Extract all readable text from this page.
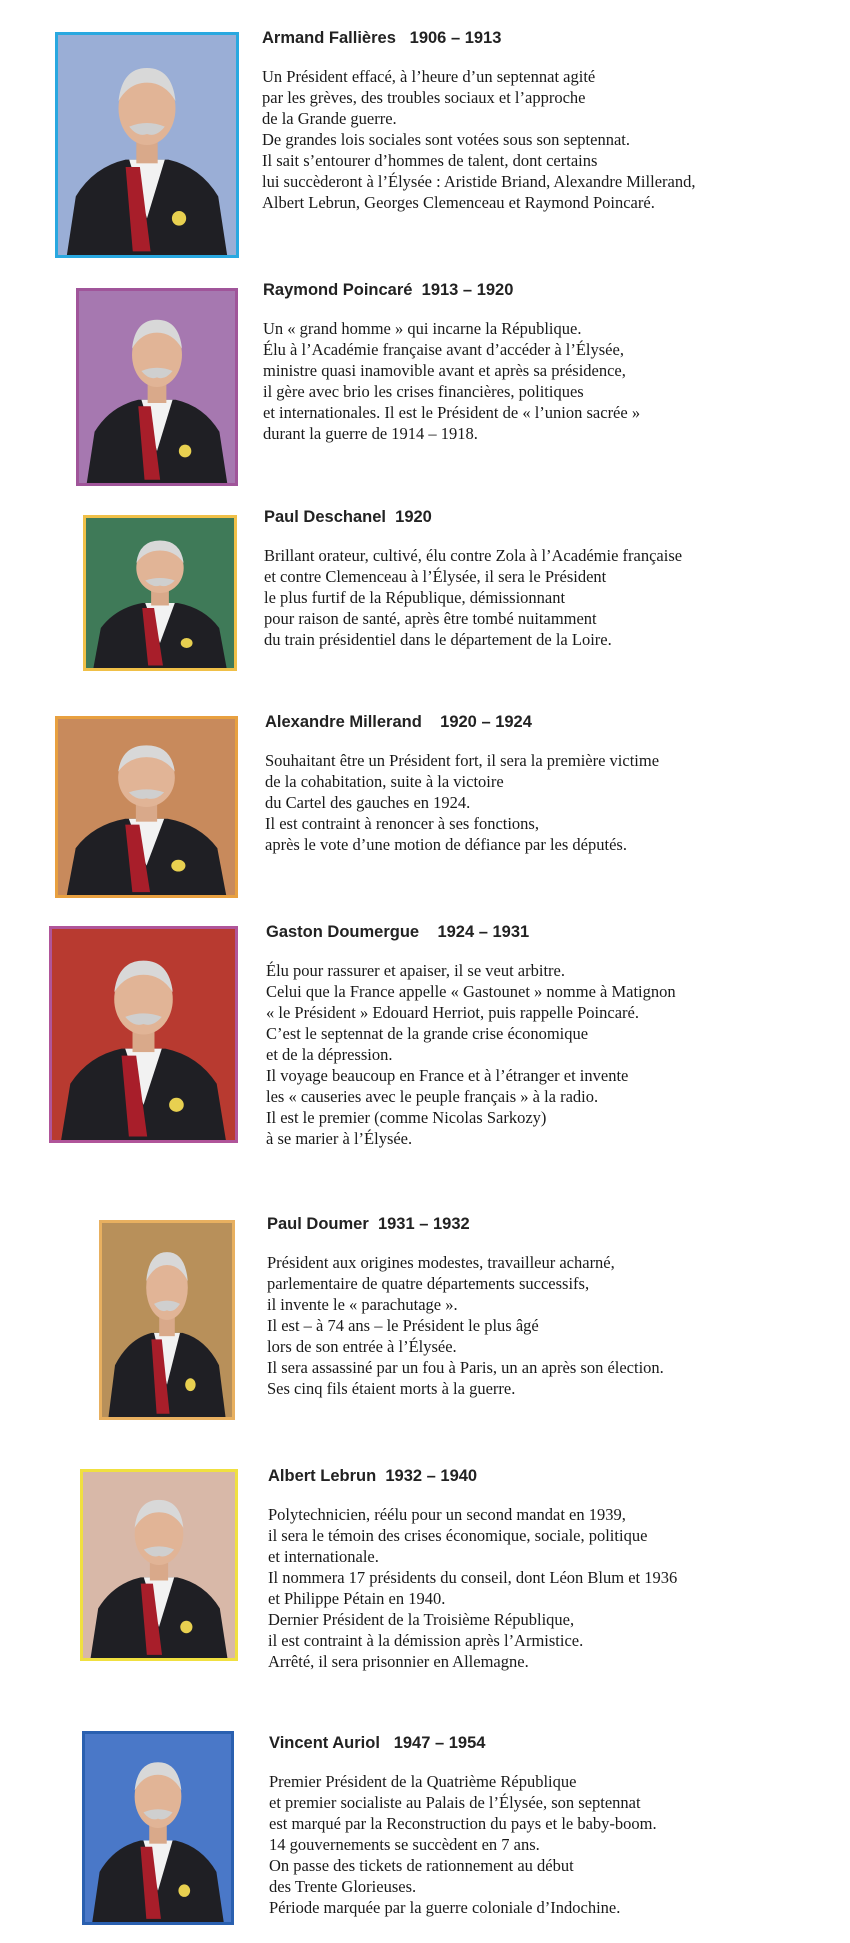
Armand Fallières 1906 – 1913

Un Président effacé, à l’heure d’un septennat agité
par les grèves, des troubles sociaux et l’approche
de la Grande guerre.
De grandes lois sociales sont votées sous son septennat.
Il sait s’entourer d’hommes de talent, dont certains
lui succèderont à l’Élysée : Aristide Briand, Alexandre Millerand,
Albert Lebrun, Georges Clemenceau et Raymond Poincaré.

Raymond Poincaré 1913 – 1920

Un « grand homme » qui incarne la République.
Élu à l’Académie française avant d’accéder à l’Élysée,
ministre quasi inamovible avant et après sa présidence,
il gère avec brio les crises financières, politiques
et internationales. Il est le Président de « l’union sacrée »
durant la guerre de 1914 – 1918.

Paul Deschanel 1920

Brillant orateur, cultivé, élu contre Zola à l’Académie française
et contre Clemenceau à l’Élysée, il sera le Président
le plus furtif de la République, démissionnant
pour raison de santé, après être tombé nuitamment
du train présidentiel dans le département de la Loire.

Alexandre Millerand 1920 – 1924

Souhaitant être un Président fort, il sera la première victime
de la cohabitation, suite à la victoire
du Cartel des gauches en 1924.
Il est contraint à renoncer à ses fonctions,
après le vote d’une motion de défiance par les députés.

Gaston Doumergue 1924 – 1931

Élu pour rassurer et apaiser, il se veut arbitre.
Celui que la France appelle « Gastounet » nomme à Matignon
« le Président » Edouard Herriot, puis rappelle Poincaré.
C’est le septennat de la grande crise économique
et de la dépression.
Il voyage beaucoup en France et à l’étranger et invente
les « causeries avec le peuple français » à la radio.
Il est le premier (comme Nicolas Sarkozy)
à se marier à l’Élysée.

Paul Doumer 1931 – 1932

Président aux origines modestes, travailleur acharné,
parlementaire de quatre départements successifs,
il invente le « parachutage ».
Il est – à 74 ans – le Président le plus âgé
lors de son entrée à l’Élysée.
Il sera assassiné par un fou à Paris, un an après son élection.
Ses cinq fils étaient morts à la guerre.

Albert Lebrun 1932 – 1940

Polytechnicien, réélu pour un second mandat en 1939,
il sera le témoin des crises économique, sociale, politique
et internationale.
Il nommera 17 présidents du conseil, dont Léon Blum et 1936
et Philippe Pétain en 1940.
Dernier Président de la Troisième République,
il est contraint à la démission après l’Armistice.
Arrêté, il sera prisonnier en Allemagne.

Vincent Auriol 1947 – 1954

Premier Président de la Quatrième République
et premier socialiste au Palais de l’Élysée, son septennat
est marqué par la Reconstruction du pays et le baby-boom.
14 gouvernements se succèdent en 7 ans.
On passe des tickets de rationnement au début
des Trente Glorieuses.
Période marquée par la guerre coloniale d’Indochine.
